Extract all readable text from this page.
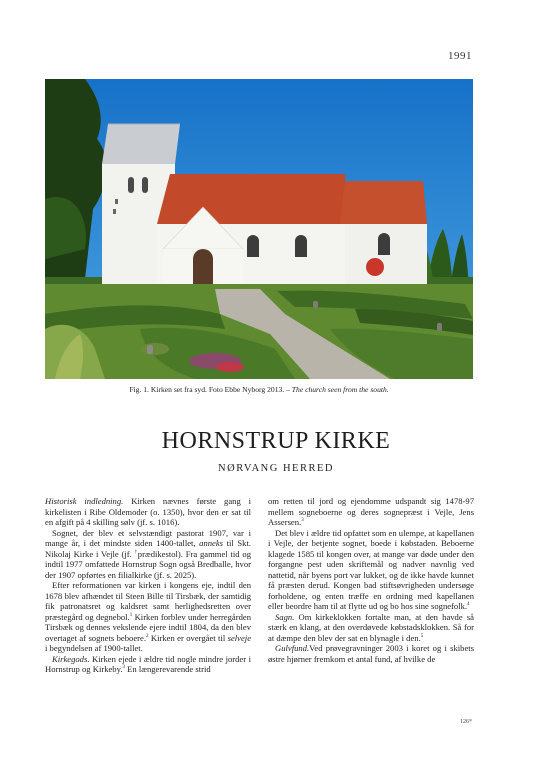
1991
Fig. 1. Kirken set fra syd. Foto Ebbe Nyborg 2013. – The church seen from the south.
HORNSTRUP KIRKE
NØRVANG HERRED

Historisk indledning. Kirken nævnes første gang i kirkelisten i Ribe Oldemoder (o. 1350), hvor den er sat til en afgift på 4 skilling sølv (jf. s. 1016).

Sognet, der blev et selvstændigt pastorat 1907, var i mange år, i det mindste siden 1400-tallet, anneks til Skt. Nikolaj Kirke i Vejle (jf. †prædikestol). Fra gammel tid og indtil 1977 omfattede Hornstrup Sogn også Bredballe, hvor der 1907 opførtes en filialkirke (jf. s. 2025).

Efter reformationen var kirken i kongens eje, indtil den 1678 blev afhændet til Steen Bille til Tirsbæk, der samtidig fik patronatsret og kaldsret samt herlighedsretten over præstegård og degnebol.$^1$ Kirken forblev under herregården Tirsbæk og dennes vekslende ejere indtil 1804, da den blev overtaget af sognets beboere.$^2$ Kirken er overgået til selveje i begyndelsen af 1900-tallet.

Kirkegods. Kirken ejede i ældre tid nogle mindre jorder i Hornstrup og Kirkeby.$^3$ En længerevarende strid

om retten til jord og ejendomme udspandt sig 1478-97 mellem sogneboerne og deres sognepræst i Vejle, Jens Assersen.$^3$

Det blev i ældre tid opfattet som en ulempe, at kapellanen i Vejle, der betjente sognet, boede i købstaden. Beboerne klagede 1585 til kongen over, at mange var døde under den forgangne pest uden skriftemål og nadver navnlig ved nattetid, når byens port var lukket, og de ikke havde kunnet få præsten derud. Kongen bad stiftsøvrigheden undersøge forholdene, og enten træffe en ordning med kapellanen eller beordre ham til at flytte ud og bo hos sine sognefolk.$^4$

Sagn. Om kirkeklokken fortalte man, at den havde så stærk en klang, at den overdøvede købstadsklokken. Så for at dæmpe den blev der sat en blynagle i den.$^5$

Gulvfund.Ved prøvegravninger 2003 i koret og i skibets østre hjørner fremkom et antal fund, af hvilke de

126*
